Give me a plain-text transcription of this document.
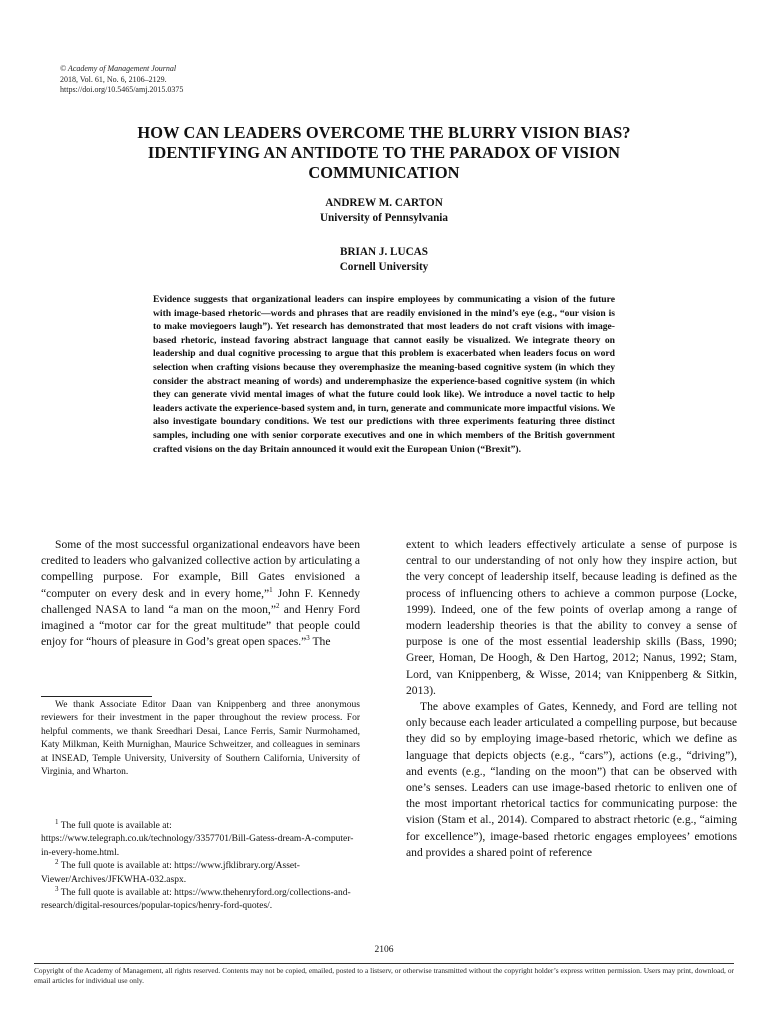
© Academy of Management Journal
2018, Vol. 61, No. 6, 2106–2129.
https://doi.org/10.5465/amj.2015.0375
HOW CAN LEADERS OVERCOME THE BLURRY VISION BIAS? IDENTIFYING AN ANTIDOTE TO THE PARADOX OF VISION COMMUNICATION
ANDREW M. CARTON
University of Pennsylvania
BRIAN J. LUCAS
Cornell University
Evidence suggests that organizational leaders can inspire employees by communicating a vision of the future with image-based rhetoric—words and phrases that are readily envisioned in the mind’s eye (e.g., “our vision is to make moviegoers laugh”). Yet research has demonstrated that most leaders do not craft visions with image-based rhetoric, instead favoring abstract language that cannot easily be visualized. We integrate theory on leadership and dual cognitive processing to argue that this problem is exacerbated when leaders focus on word selection when crafting visions because they overemphasize the meaning-based cognitive system (in which they consider the abstract meaning of words) and underemphasize the experience-based cognitive system (in which they can generate vivid mental images of what the future could look like). We introduce a novel tactic to help leaders activate the experience-based system and, in turn, generate and communicate more impactful visions. We also investigate boundary conditions. We test our predictions with three experiments featuring three distinct samples, including one with senior corporate executives and one in which members of the British government crafted visions on the day Britain announced it would exit the European Union (“Brexit”).

Some of the most successful organizational endeavors have been credited to leaders who galvanized collective action by articulating a compelling purpose. For example, Bill Gates envisioned a “computer on every desk and in every home,”$^1$ John F. Kennedy challenged NASA to land “a man on the moon,”$^2$ and Henry Ford imagined a “motor car for the great multitude” that people could enjoy for “hours of pleasure in God’s great open spaces.”$^3$ The

We thank Associate Editor Daan van Knippenberg and three anonymous reviewers for their investment in the paper throughout the review process. For helpful comments, we thank Sreedhari Desai, Lance Ferris, Samir Nurmohamed, Katy Milkman, Keith Murnighan, Maurice Schweitzer, and colleagues in seminars at INSEAD, Temple University, University of Southern California, University of Virginia, and Wharton.

$^1$ The full quote is available at: https://www.telegraph.co.uk/technology/3357701/Bill-Gatess-dream-A-computer-in-every-home.html.

$^2$ The full quote is available at: https://www.jfklibrary.org/Asset-Viewer/Archives/JFKWHA-032.aspx.

$^3$ The full quote is available at: https://www.thehenryford.org/collections-and-research/digital-resources/popular-topics/henry-ford-quotes/.

extent to which leaders effectively articulate a sense of purpose is central to our understanding of not only how they inspire action, but the very concept of leadership itself, because leading is defined as the process of influencing others to achieve a common purpose (Locke, 1999). Indeed, one of the few points of overlap among a range of modern leadership theories is that the ability to convey a sense of purpose is one of the most essential leadership skills (Bass, 1990; Greer, Homan, De Hoogh, & Den Hartog, 2012; Nanus, 1992; Stam, Lord, van Knippenberg, & Wisse, 2014; van Knippenberg & Sitkin, 2013).

The above examples of Gates, Kennedy, and Ford are telling not only because each leader articulated a compelling purpose, but because they did so by employing image-based rhetoric, which we define as language that depicts objects (e.g., “cars”), actions (e.g., “driving”), and events (e.g., “landing on the moon”) that can be observed with one’s senses. Leaders can use image-based rhetoric to enliven one of the most important rhetorical tactics for communicating purpose: the vision (Stam et al., 2014). Compared to abstract rhetoric (e.g., “aiming for excellence”), image-based rhetoric engages employees’ emotions and provides a shared point of reference

2106
Copyright of the Academy of Management, all rights reserved. Contents may not be copied, emailed, posted to a listserv, or otherwise transmitted without the copyright holder’s express written permission. Users may print, download, or email articles for individual use only.
